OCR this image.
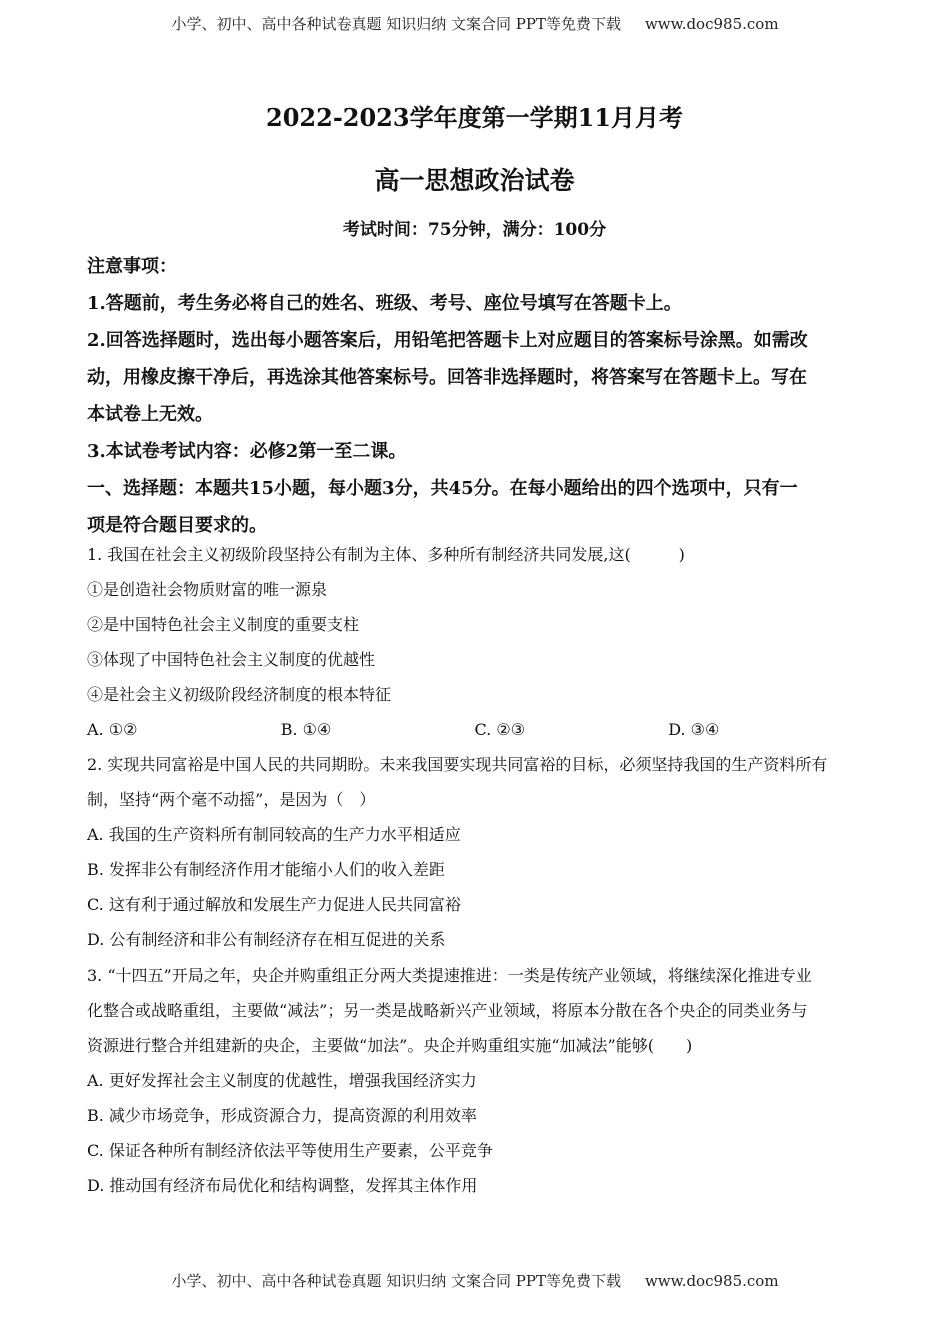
小学、初中、高中各种试卷真题 知识归纳 文案合同 PPT等免费下载 www.doc985.com
2022-2023学年度第一学期11月月考
高一思想政治试卷
考试时间：75分钟，满分：100分
注意事项：
1.答题前，考生务必将自己的姓名、班级、考号、座位号填写在答题卡上。
2.回答选择题时，选出每小题答案后，用铅笔把答题卡上对应题目的答案标号涂黑。如需改
动，用橡皮擦干净后，再选涂其他答案标号。回答非选择题时，将答案写在答题卡上。写在
本试卷上无效。
3.本试卷考试内容：必修2第一至二课。
一、选择题：本题共15小题，每小题3分，共45分。在每小题给出的四个选项中，只有一
项是符合题目要求的。
1. 我国在社会主义初级阶段坚持公有制为主体、多种所有制经济共同发展,这(　　　)
①是创造社会物质财富的唯一源泉
②是中国特色社会主义制度的重要支柱
③体现了中国特色社会主义制度的优越性
④是社会主义初级阶段经济制度的根本特征
A. ①②	B. ①④	C. ②③	D. ③④
2. 实现共同富裕是中国人民的共同期盼。未来我国要实现共同富裕的目标，必须坚持我国的生产资料所有
制，坚持“两个毫不动摇”，是因为（　）
A. 我国的生产资料所有制同较高的生产力水平相适应
B. 发挥非公有制经济作用才能缩小人们的收入差距
C. 这有利于通过解放和发展生产力促进人民共同富裕
D. 公有制经济和非公有制经济存在相互促进的关系
3. “十四五”开局之年，央企并购重组正分两大类提速推进：一类是传统产业领域，将继续深化推进专业
化整合或战略重组，主要做“减法”；另一类是战略新兴产业领域，将原本分散在各个央企的同类业务与
资源进行整合并组建新的央企，主要做“加法”。央企并购重组实施“加减法”能够(　　)
A. 更好发挥社会主义制度的优越性，增强我国经济实力
B. 减少市场竞争，形成资源合力，提高资源的利用效率
C. 保证各种所有制经济依法平等使用生产要素，公平竞争
D. 推动国有经济布局优化和结构调整，发挥其主体作用
小学、初中、高中各种试卷真题 知识归纳 文案合同 PPT等免费下载 www.doc985.com
